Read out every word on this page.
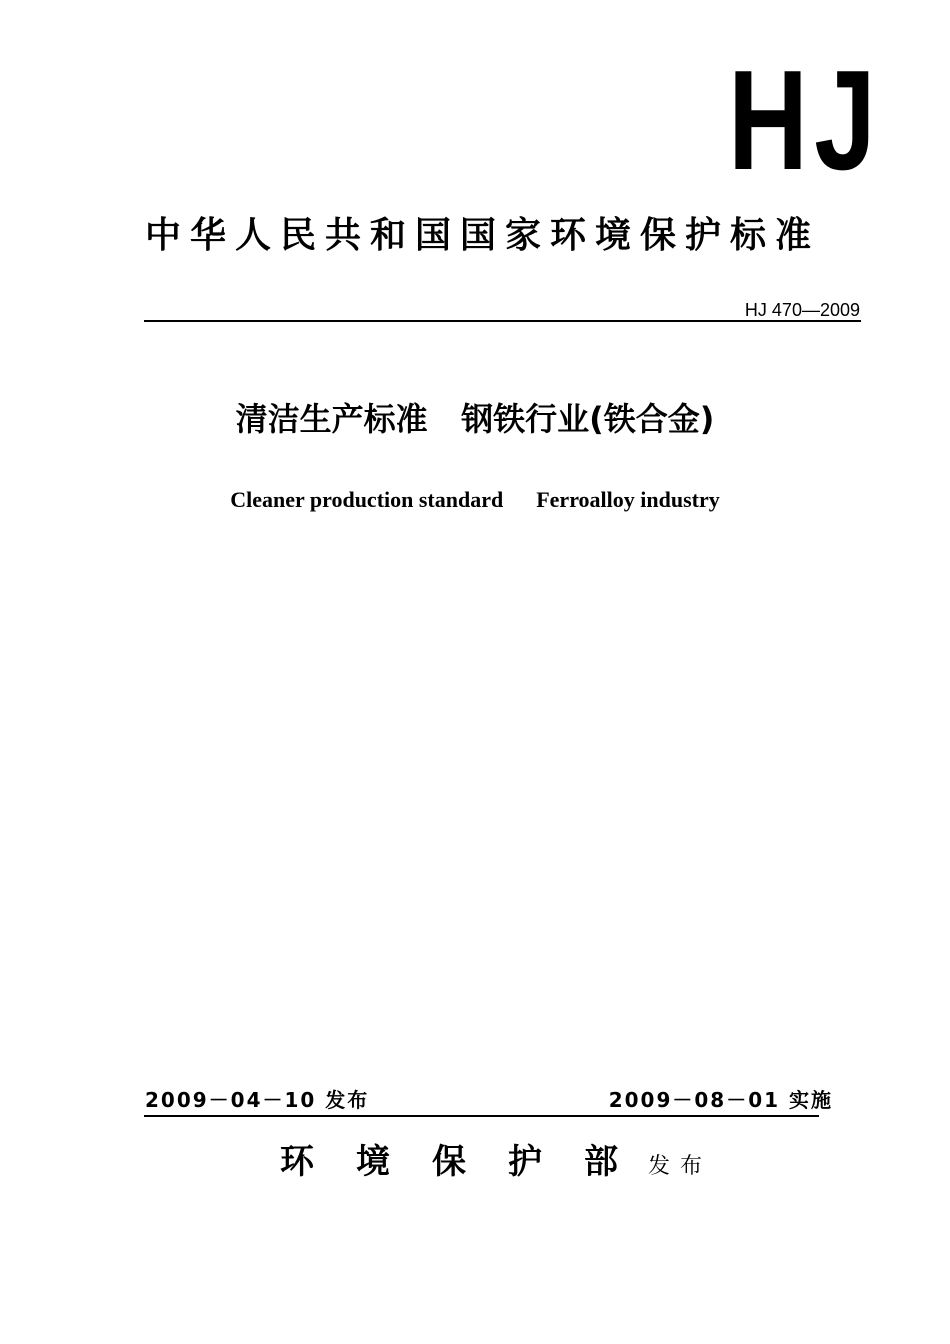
HJ
中华人民共和国国家环境保护标准
HJ 470—2009
清洁生产标准   钢铁行业(铁合金)
Cleaner production standard      Ferroalloy industry
2009－04－10 发布	2009－08－01 实施
环境保护部发布
